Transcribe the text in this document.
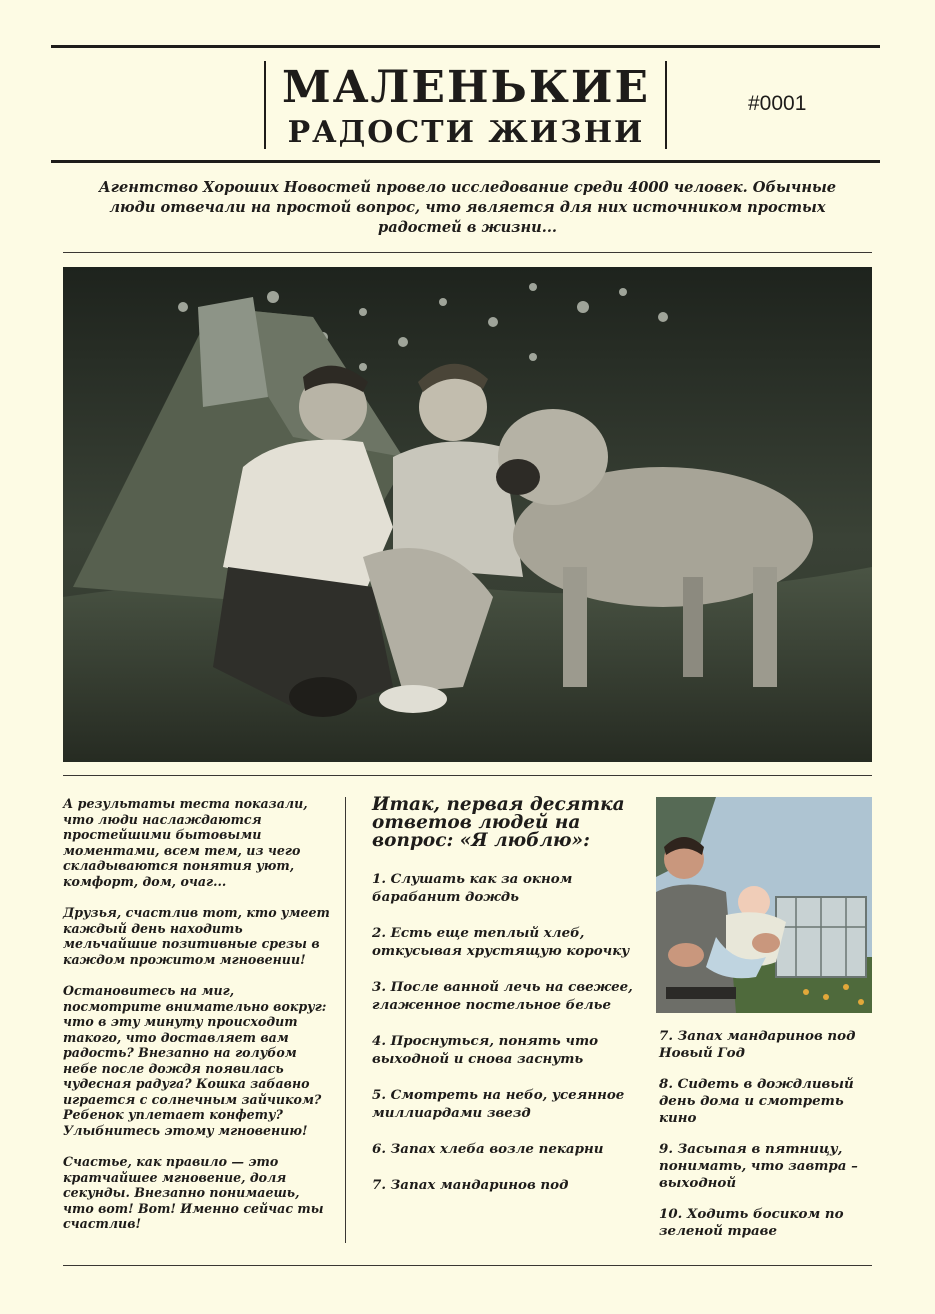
МАЛЕНЬКИЕ
РАДОСТИ ЖИЗНИ
#0001
Агентство Хороших Новостей провело исследование среди 4000 человек. Обычные люди отвечали на простой вопрос, что является для них источником простых радостей в жизни...

А результаты теста показали, что люди наслаждаются простейшими бытовыми моментами, всем тем, из чего складываются понятия уют, комфорт, дом, очаг...

Друзья, счастлив тот, кто умеет каждый день находить мельчайшие позитивные срезы в каждом прожитом мгновении!

Остановитесь на миг, посмотрите внимательно вокруг: что в эту минуту происходит такого, что доставляет вам радость? Внезапно на голубом небе после дождя появилась чудесная радуга? Кошка забавно играется с солнечным зайчиком? Ребенок уплетает конфету? Улыбнитесь этому мгновению!

Счастье, как правило — это кратчайшее мгновение, доля секунды. Внезапно понимаешь, что вот! Вот! Именно сейчас ты счастлив!

Итак, первая десятка ответов людей на вопрос: «Я люблю»:
1. Слушать как за окном барабанит дождь
2. Есть еще теплый хлеб, откусывая хрустящую корочку
3. После ванной лечь на свежее, глаженное постельное белье
4. Проснуться, понять что выходной и снова заснуть
5. Смотреть на небо, усеянное миллиардами звезд
6. Запах хлеба возле пекарни
7. Запах мандаринов под
7. Запах мандаринов под Новый Год
8. Сидеть в дождливый день дома и смотреть кино
9. Засыпая в пятницу, понимать, что завтра – выходной
10. Ходить босиком по зеленой траве
